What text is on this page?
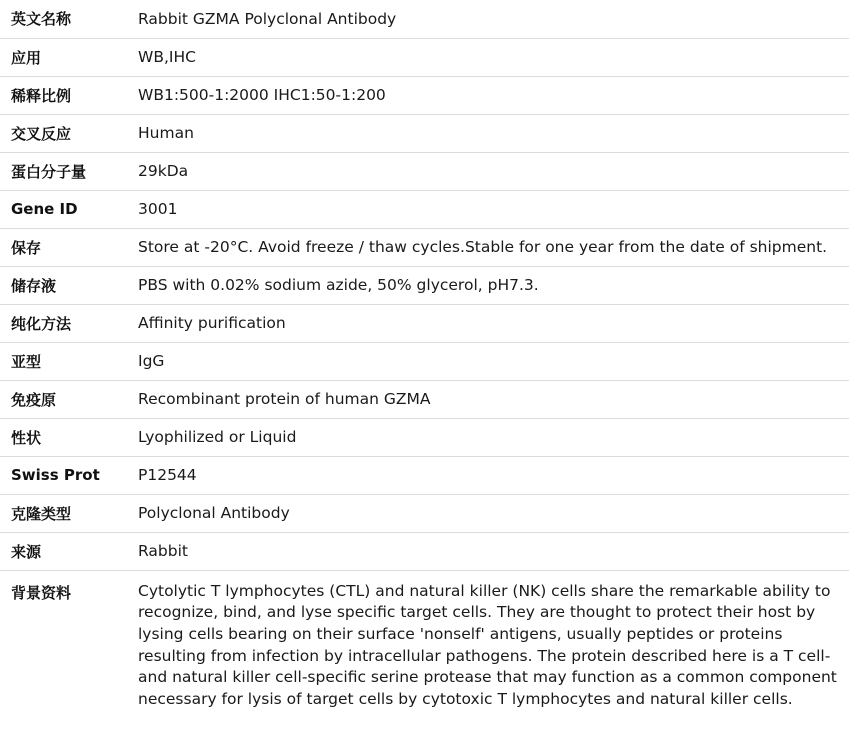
英文名称	Rabbit GZMA Polyclonal Antibody
应用	WB,IHC
稀释比例	WB1:500-1:2000 IHC1:50-1:200
交叉反应	Human
蛋白分子量	29kDa
Gene ID	3001
保存	Store at -20°C. Avoid freeze / thaw cycles.Stable for one year from the date of shipment.
储存液	PBS with 0.02% sodium azide, 50% glycerol, pH7.3.
纯化方法	Affinity purification
亚型	IgG
免疫原	Recombinant protein of human GZMA
性状	Lyophilized or Liquid
Swiss Prot	P12544
克隆类型	Polyclonal Antibody
来源	Rabbit
背景资料	Cytolytic T lymphocytes (CTL) and natural killer (NK) cells share the remarkable ability to recognize, bind, and lyse specific target cells. They are thought to protect their host by lysing cells bearing on their surface 'nonself' antigens, usually peptides or proteins resulting from infection by intracellular pathogens. The protein described here is a T cell- and natural killer cell-specific serine protease that may function as a common component necessary for lysis of target cells by cytotoxic T lymphocytes and natural killer cells.
